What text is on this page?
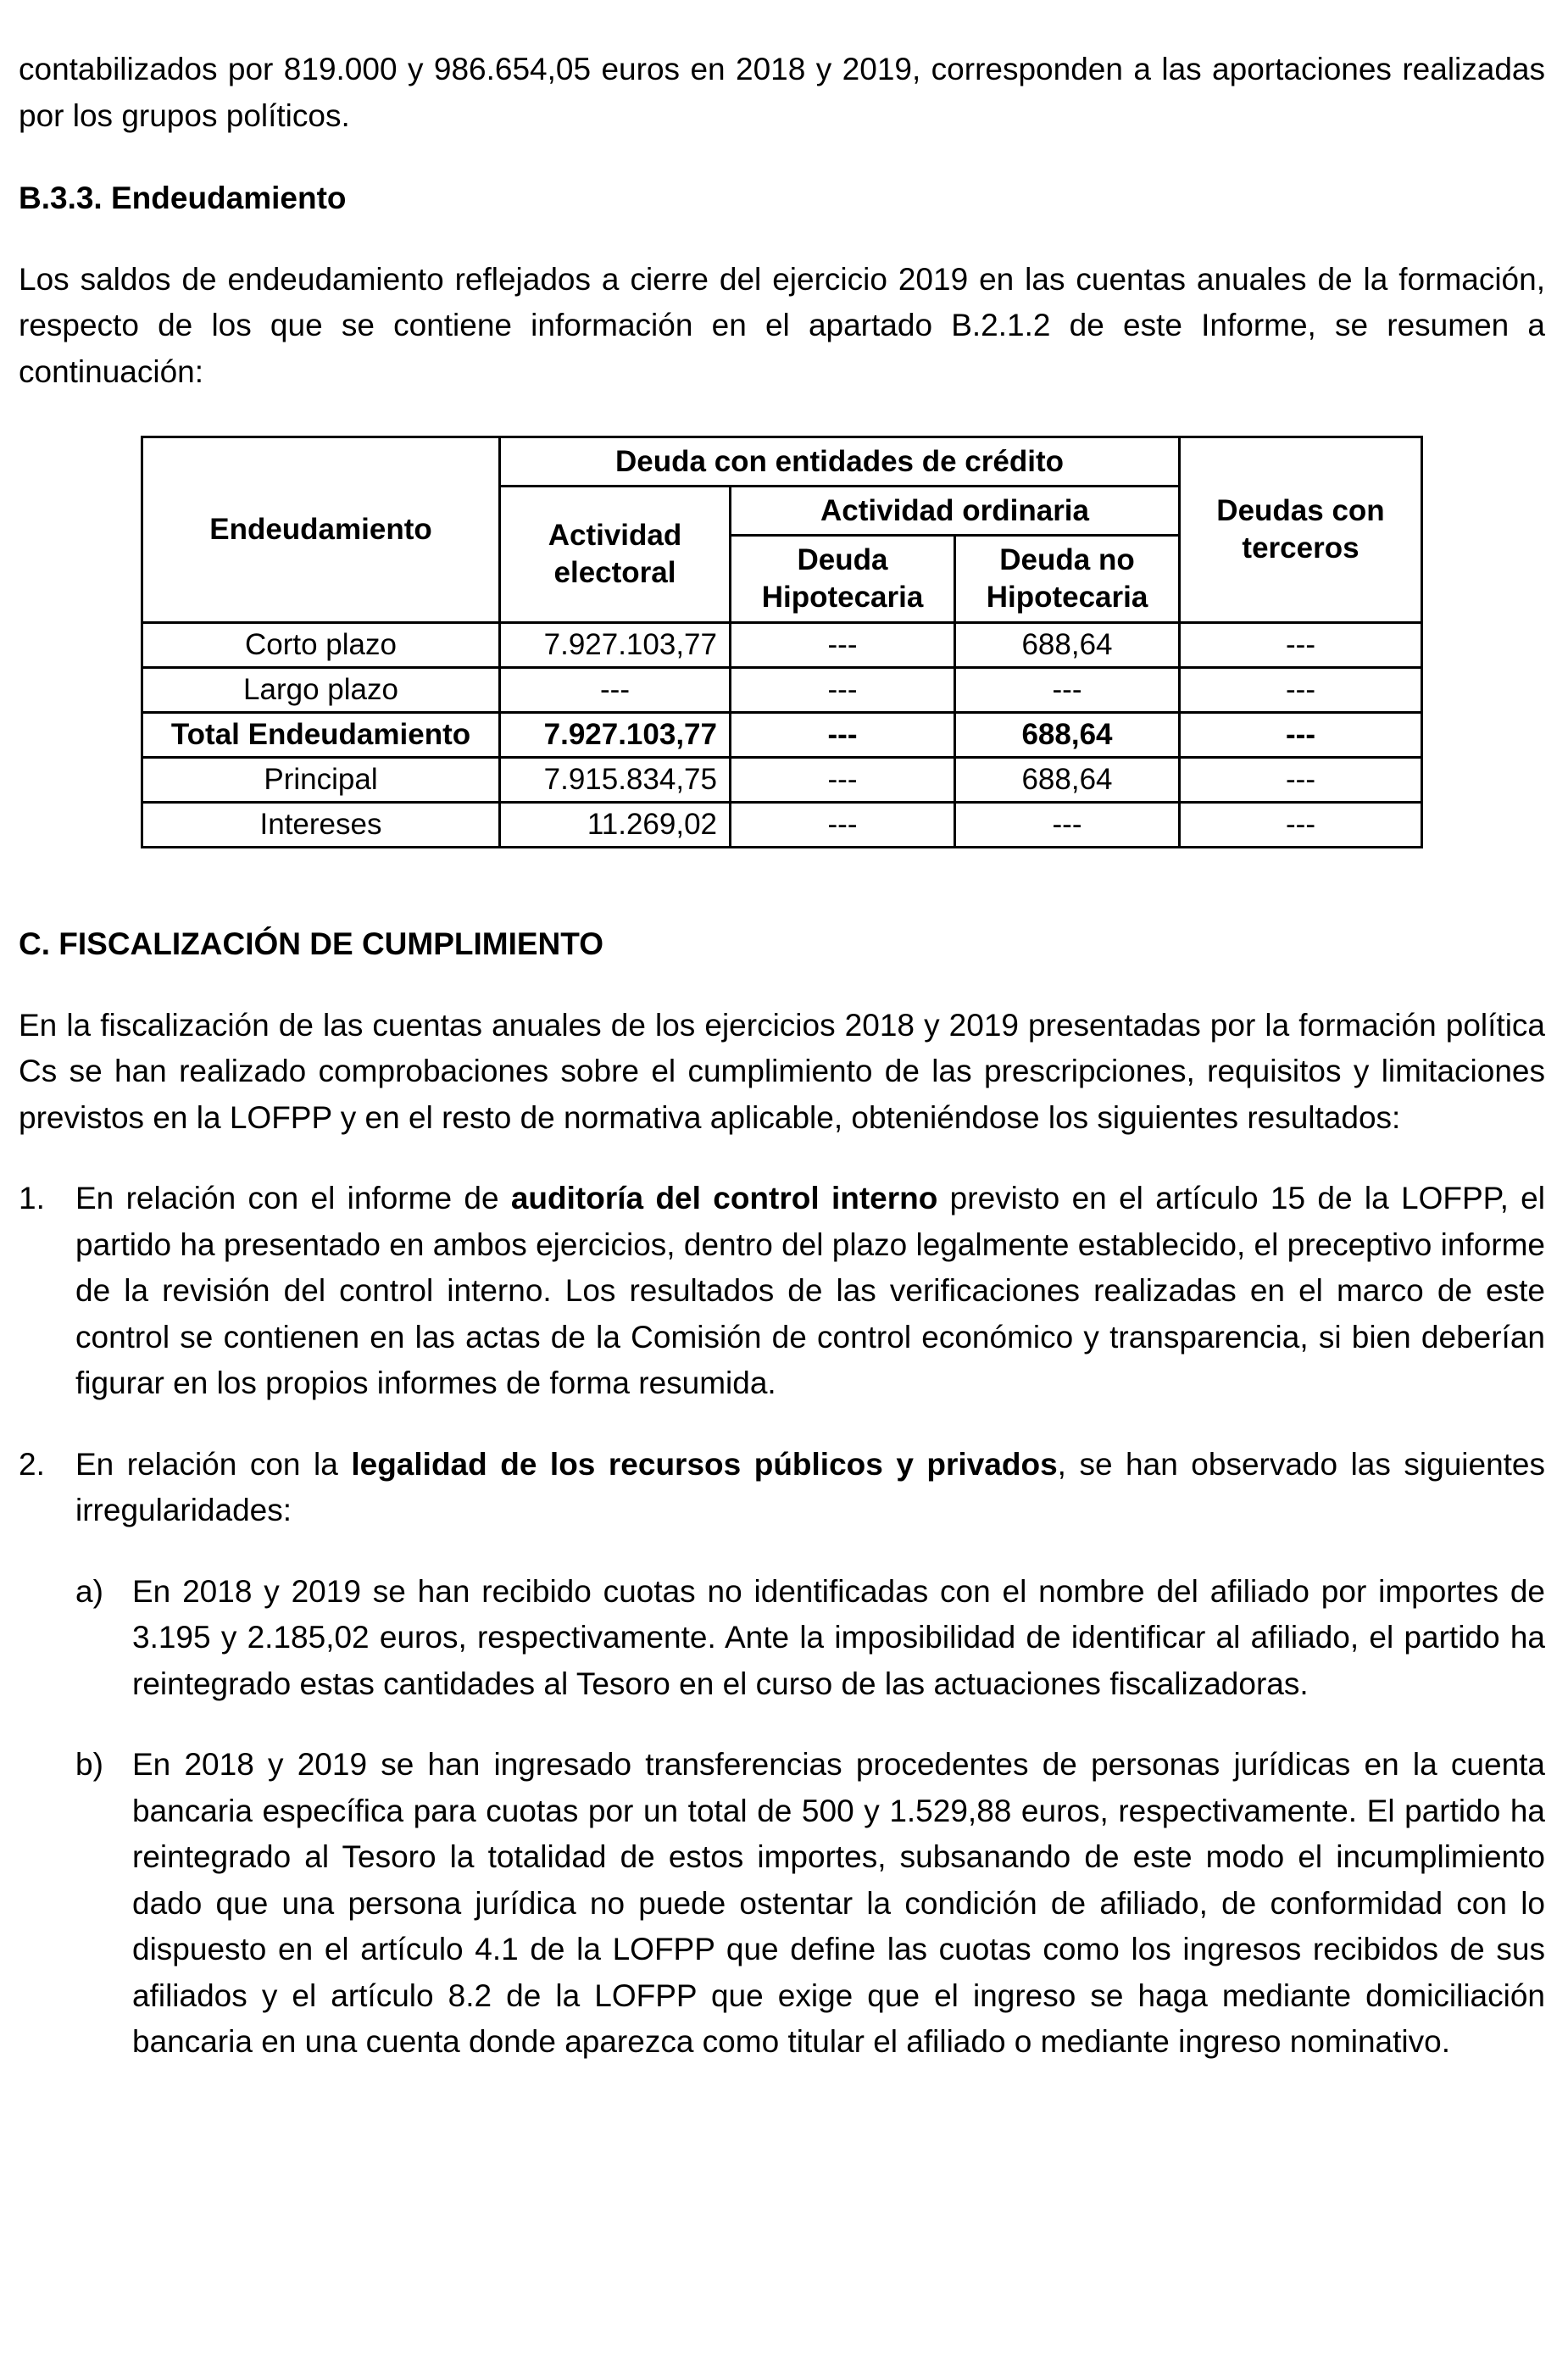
contabilizados por 819.000 y 986.654,05 euros en 2018 y 2019, corresponden a las aportaciones realizadas por los grupos políticos.

B.3.3. Endeudamiento

Los saldos de endeudamiento reflejados a cierre del ejercicio 2019 en las cuentas anuales de la formación, respecto de los que se contiene información en el apartado B.2.1.2 de este Informe, se resumen a continuación:

Endeudamiento	Deuda con entidades de crédito			Deudas con terceros
	Actividad electoral	Actividad ordinaria		
		Deuda Hipotecaria	Deuda no Hipotecaria	
Corto plazo	7.927.103,77	---	688,64	---
Largo plazo	---	---	---	---
Total Endeudamiento	7.927.103,77	---	688,64	---
Principal	7.915.834,75	---	688,64	---
Intereses	11.269,02	---	---	---

C. FISCALIZACIÓN DE CUMPLIMIENTO

En la fiscalización de las cuentas anuales de los ejercicios 2018 y 2019 presentadas por la formación política Cs se han realizado comprobaciones sobre el cumplimiento de las prescripciones, requisitos y limitaciones previstos en la LOFPP y en el resto de normativa aplicable, obteniéndose los siguientes resultados:

1. En relación con el informe de auditoría del control interno previsto en el artículo 15 de la LOFPP, el partido ha presentado en ambos ejercicios, dentro del plazo legalmente establecido, el preceptivo informe de la revisión del control interno. Los resultados de las verificaciones realizadas en el marco de este control se contienen en las actas de la Comisión de control económico y transparencia, si bien deberían figurar en los propios informes de forma resumida.
2. En relación con la legalidad de los recursos públicos y privados, se han observado las siguientes irregularidades:
a) En 2018 y 2019 se han recibido cuotas no identificadas con el nombre del afiliado por importes de 3.195 y 2.185,02 euros, respectivamente. Ante la imposibilidad de identificar al afiliado, el partido ha reintegrado estas cantidades al Tesoro en el curso de las actuaciones fiscalizadoras.
b) En 2018 y 2019 se han ingresado transferencias procedentes de personas jurídicas en la cuenta bancaria específica para cuotas por un total de 500 y 1.529,88 euros, respectivamente. El partido ha reintegrado al Tesoro la totalidad de estos importes, subsanando de este modo el incumplimiento dado que una persona jurídica no puede ostentar la condición de afiliado, de conformidad con lo dispuesto en el artículo 4.1 de la LOFPP que define las cuotas como los ingresos recibidos de sus afiliados y el artículo 8.2 de la LOFPP que exige que el ingreso se haga mediante domiciliación bancaria en una cuenta donde aparezca como titular el afiliado o mediante ingreso nominativo.
